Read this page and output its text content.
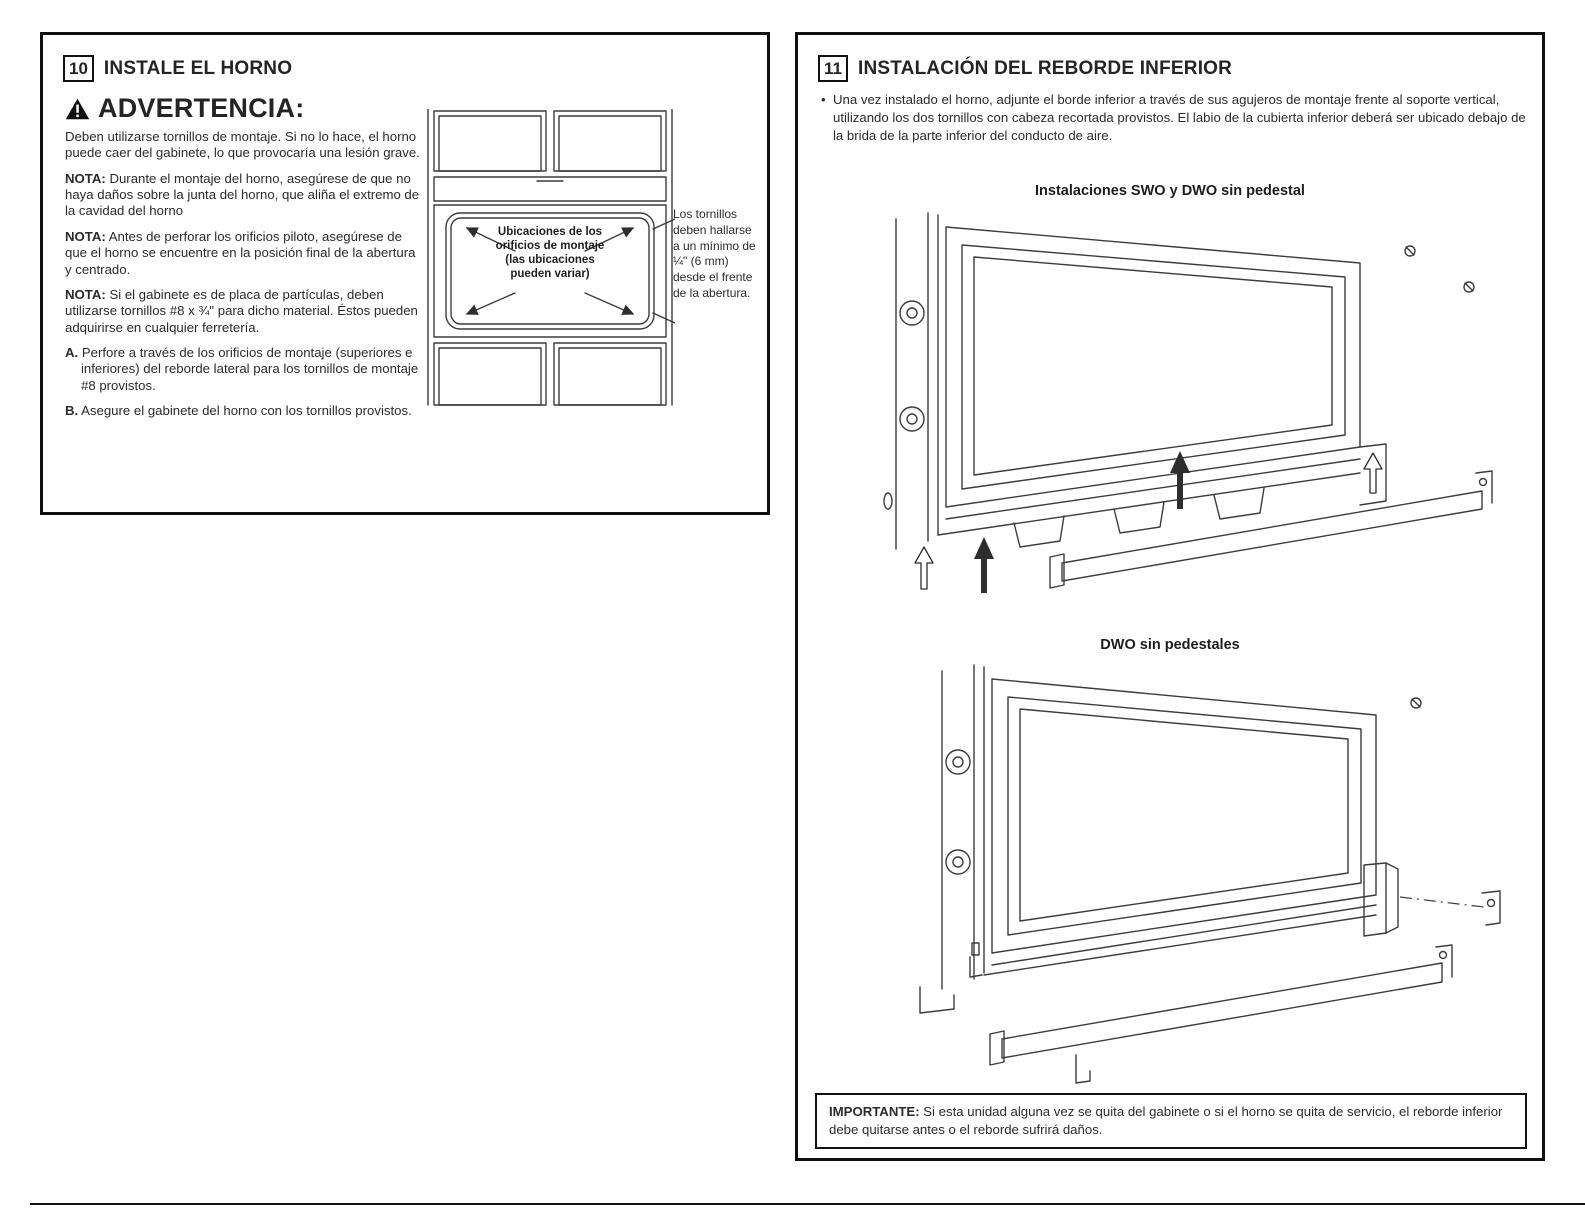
10 INSTALE EL HORNO
ADVERTENCIA:

Deben utilizarse tornillos de montaje. Si no lo hace, el horno puede caer del gabinete, lo que provocaría una lesión grave.

NOTA: Durante el montaje del horno, asegúrese de que no haya daños sobre la junta del horno, que aliña el extremo de la cavidad del horno

NOTA: Antes de perforar los orificios piloto, asegúrese de que el horno se encuentre en la posición final de la abertura y centrado.

NOTA: Si el gabinete es de placa de partículas, deben utilizarse tornillos #8 x ¾" para dicho material. Éstos pueden adquirirse en cualquier ferretería.

A. Perfore a través de los orificios de montaje (superiores e inferiores) del reborde lateral para los tornillos de montaje #8 provistos.

B. Asegure el gabinete del horno con los tornillos provistos.

Ubicaciones de los orificios de montaje (las ubicaciones pueden variar)
Los tornillos deben hallarse a un mínimo de ¼" (6 mm) desde el frente de la abertura.
11 INSTALACIÓN DEL REBORDE INFERIOR

• Una vez instalado el horno, adjunte el borde inferior a través de sus agujeros de montaje frente al soporte vertical, utilizando los dos tornillos con cabeza recortada provistos. El labio de la cubierta inferior deberá ser ubicado debajo de la brida de la parte inferior del conducto de aire.

Instalaciones SWO y DWO sin pedestal
DWO sin pedestales
IMPORTANTE: Si esta unidad alguna vez se quita del gabinete o si el horno se quita de servicio, el reborde inferior debe quitarse antes o el reborde sufrirá daños.
